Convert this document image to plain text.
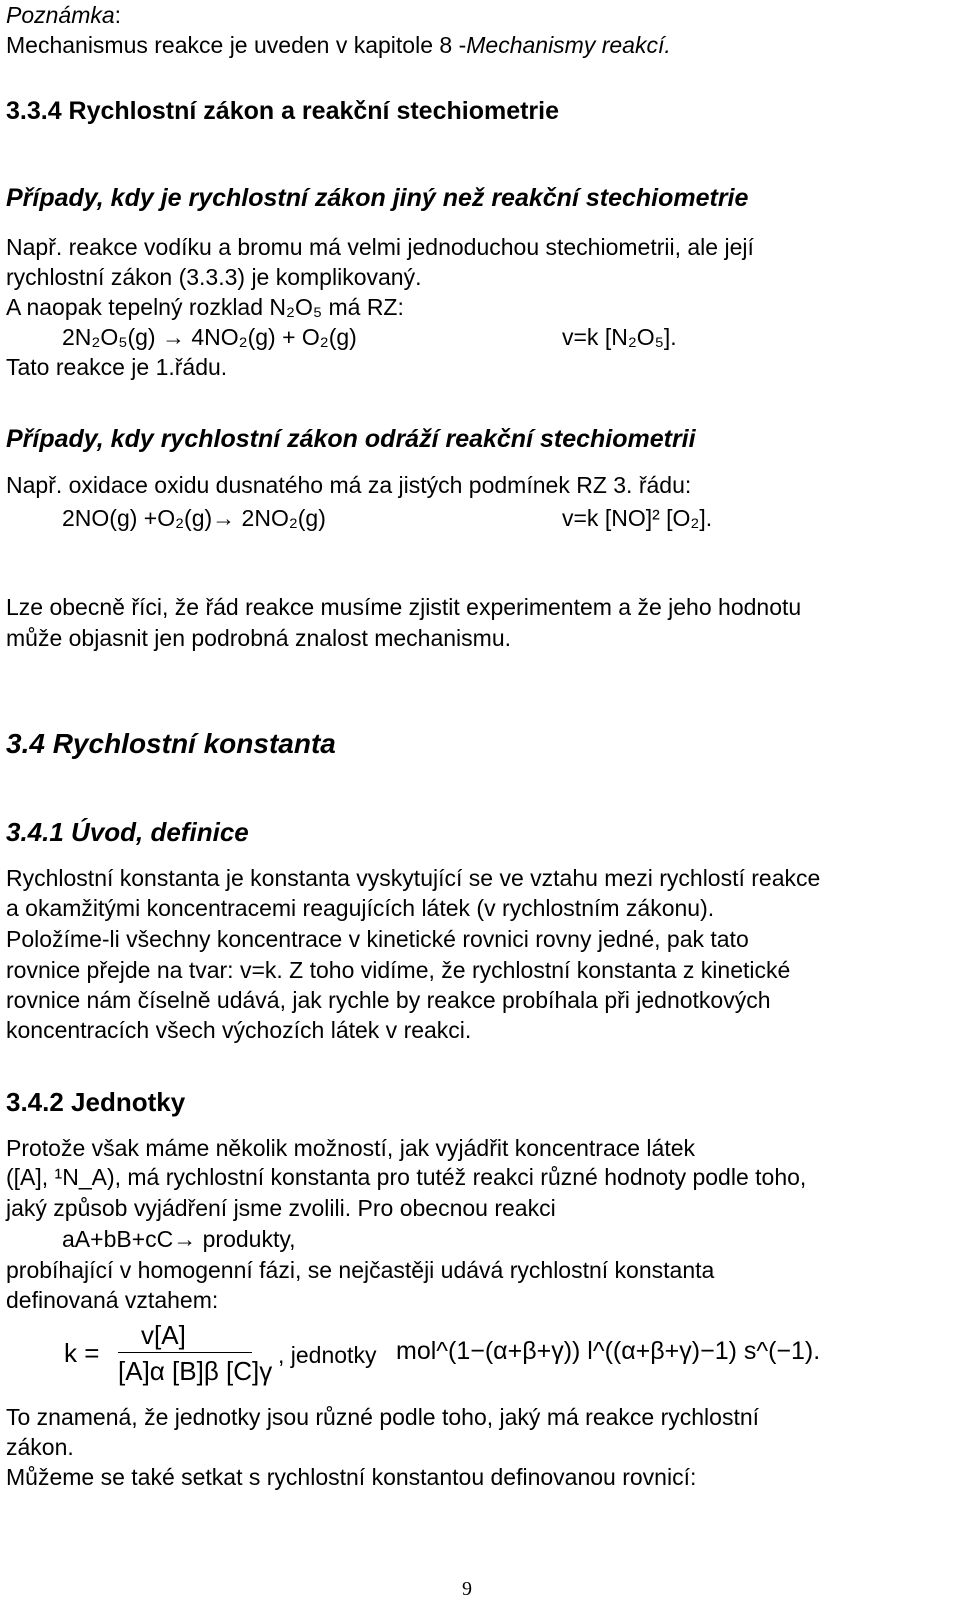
Poznámka:
Mechanismus reakce je uveden v kapitole 8 -Mechanismy reakcí.
3.3.4 Rychlostní zákon a reakční stechiometrie
Případy, kdy je rychlostní zákon jiný než reakční stechiometrie
Např. reakce vodíku a bromu má velmi jednoduchou stechiometrii, ale její
rychlostní zákon (3.3.3) je komplikovaný.
A naopak tepelný rozklad N₂O₅ má RZ:
2N₂O₅(g) → 4NO₂(g) + O₂(g)	v=k [N₂O₅].
Tato reakce je 1.řádu.
Případy, kdy rychlostní zákon odráží reakční stechiometrii
Např. oxidace oxidu dusnatého má za jistých podmínek RZ 3. řádu:
2NO(g) +O₂(g)→ 2NO₂(g)	v=k [NO]² [O₂].
Lze obecně říci, že řád reakce musíme zjistit experimentem a že jeho hodnotu
může objasnit jen podrobná znalost mechanismu.
3.4 Rychlostní konstanta
3.4.1 Úvod, definice
Rychlostní konstanta je konstanta vyskytující se ve vztahu mezi rychlostí reakce
a okamžitými koncentracemi reagujících látek (v rychlostním zákonu).
Položíme-li všechny koncentrace v kinetické rovnici rovny jedné, pak tato
rovnice přejde na tvar: v=k. Z toho vidíme, že rychlostní konstanta z kinetické
rovnice nám číselně udává, jak rychle by reakce probíhala při jednotkových
koncentracích všech výchozích látek v reakci.
3.4.2 Jednotky
Protože však máme několik možností, jak vyjádřit koncentrace látek
([A], ¹N_A), má rychlostní konstanta pro tutéž reakci různé hodnoty podle toho,
jaký způsob vyjádření jsme zvolili. Pro obecnou reakci
aA+bB+cC→ produkty,
probíhající v homogenní fázi, se nejčastěji udává rychlostní konstanta
definovaná vztahem:
k =
v[A]
[A]α [B]β [C]γ
, jednotky mol^(1−(α+β+γ)) l^((α+β+γ)−1) s^(−1).
To znamená, že jednotky jsou různé podle toho, jaký má reakce rychlostní
zákon.
Můžeme se také setkat s rychlostní konstantou definovanou rovnicí:
9
